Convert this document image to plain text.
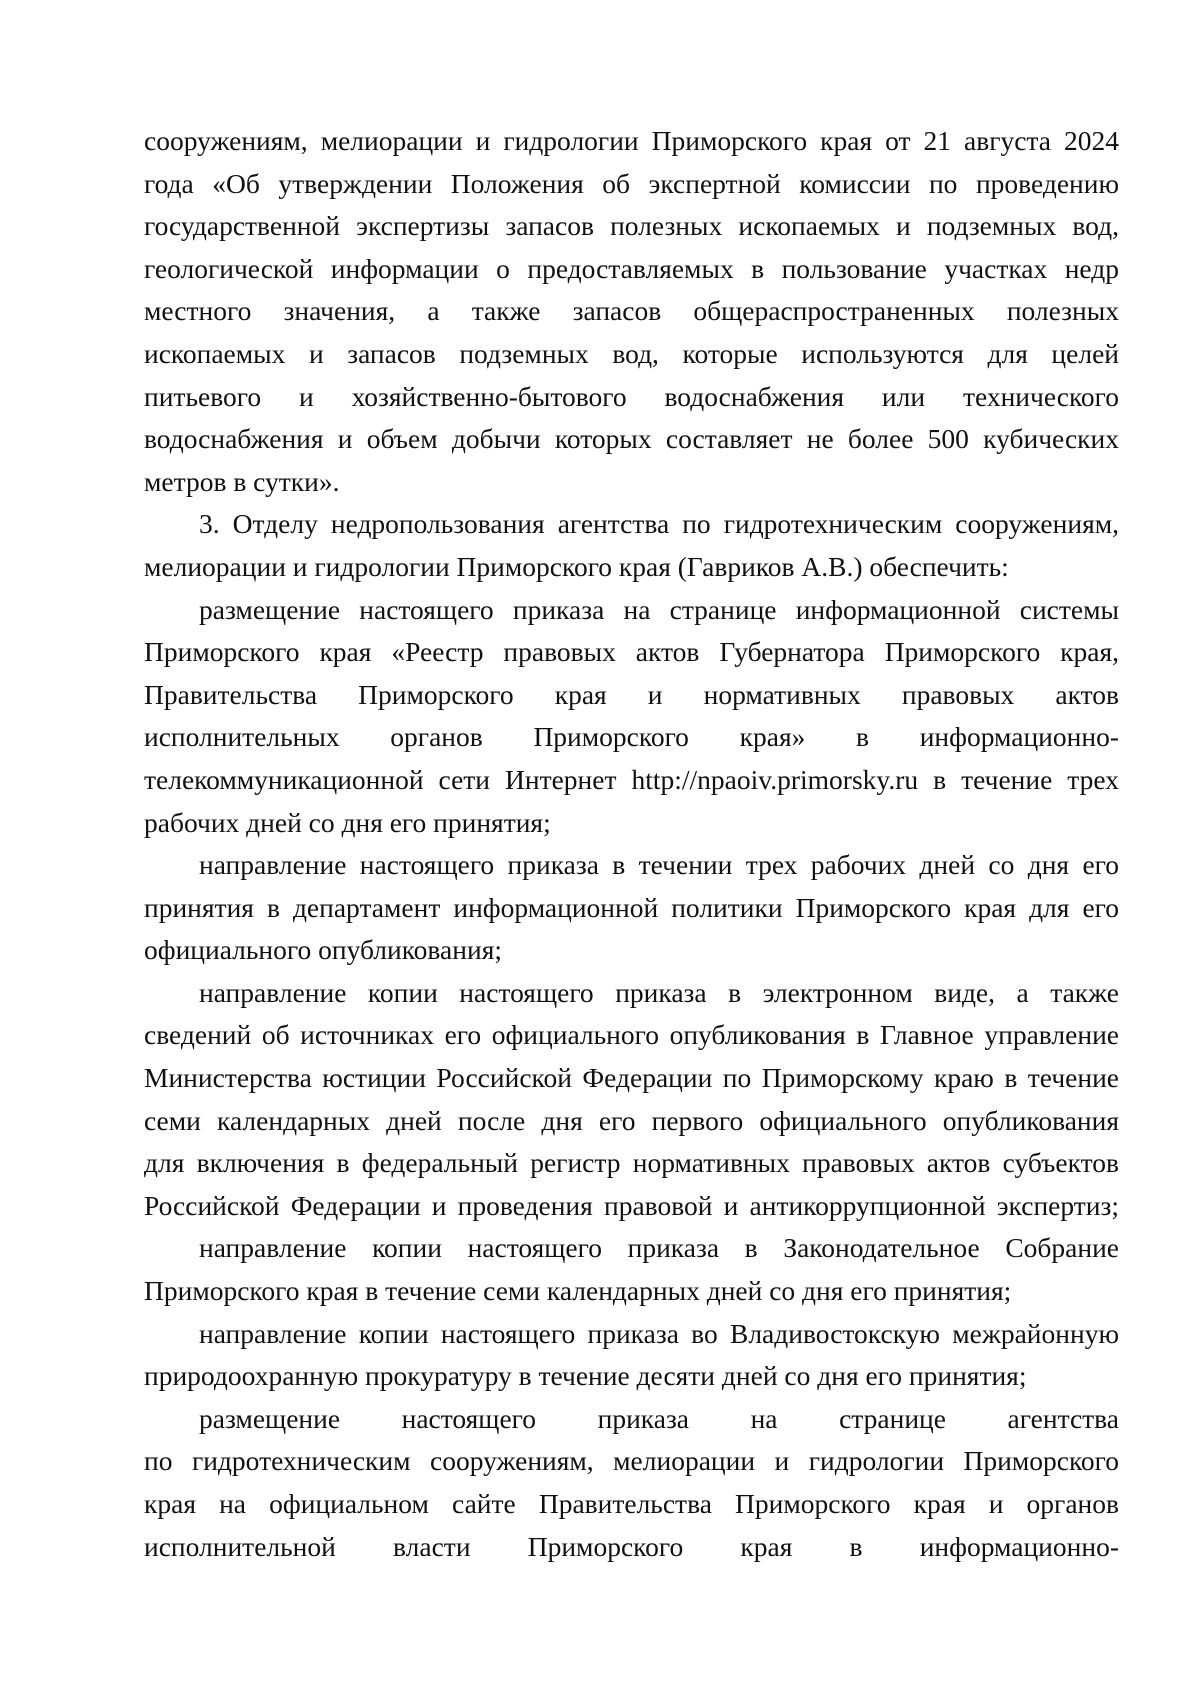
сооружениям, мелиорации и гидрологии Приморского края от 21 августа 2024
года «Об утверждении Положения об экспертной комиссии по проведению
государственной экспертизы запасов полезных ископаемых и подземных вод,
геологической информации о предоставляемых в пользование участках недр
местного значения, а также запасов общераспространенных полезных
ископаемых и запасов подземных вод, которые используются для целей
питьевого и хозяйственно-бытового водоснабжения или технического
водоснабжения и объем добычи которых составляет не более 500 кубических
метров в сутки».
3. Отделу недропользования агентства по гидротехническим сооружениям,
мелиорации и гидрологии Приморского края (Гавриков А.В.) обеспечить:
размещение настоящего приказа на странице информационной системы
Приморского края «Реестр правовых актов Губернатора Приморского края,
Правительства Приморского края и нормативных правовых актов
исполнительных органов Приморского края» в информационно-
телекоммуникационной сети Интернет http://npaoiv.primorsky.ru в течение трех
рабочих дней со дня его принятия;
направление настоящего приказа в течении трех рабочих дней со дня его
принятия в департамент информационной политики Приморского края для его
официального опубликования;
направление копии настоящего приказа в электронном виде, а также
сведений об источниках его официального опубликования в Главное управление
Министерства юстиции Российской Федерации по Приморскому краю в течение
семи календарных дней после дня его первого официального опубликования
для включения в федеральный регистр нормативных правовых актов субъектов
Российской Федерации и проведения правовой и антикоррупционной экспертиз;
направление копии настоящего приказа в Законодательное Собрание
Приморского края в течение семи календарных дней со дня его принятия;
направление копии настоящего приказа во Владивостокскую межрайонную
природоохранную прокуратуру в течение десяти дней со дня его принятия;
размещение настоящего приказа на странице агентства
по гидротехническим сооружениям, мелиорации и гидрологии Приморского
края на официальном сайте Правительства Приморского края и органов
исполнительной власти Приморского края в информационно-
